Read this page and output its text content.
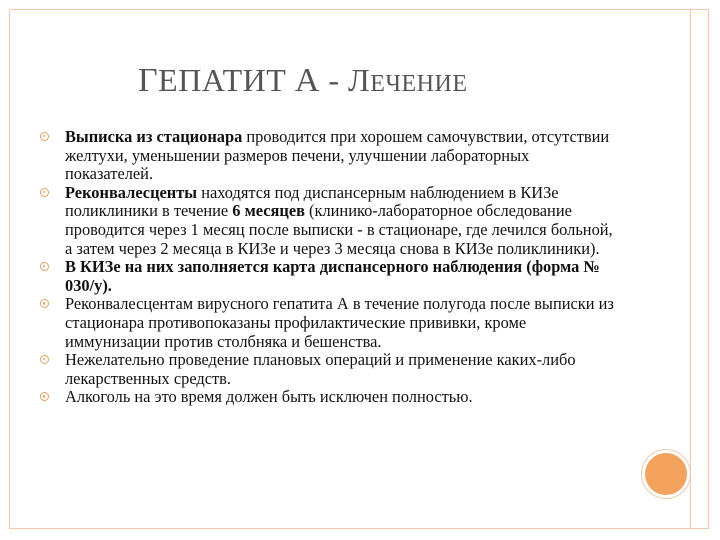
ГЕПАТИТ А - ЛЕЧЕНИЕ
Выписка из стационара проводится при хорошем самочувствии, отсутствии желтухи, уменьшении размеров печени, улучшении лабораторных показателей.
Реконвалесценты находятся под диспансерным наблюдением в КИЗе поликлиники в течение 6 месяцев (клинико-лабораторное обследование проводится через 1 месяц после выписки - в стационаре, где лечился больной, а затем через 2 месяца в КИЗе и через 3 месяца снова в КИЗе поликлиники).
В КИЗе на них заполняется карта диспансерного наблюдения (форма № 030/у).
Реконвалесцентам вирусного гепатита А в течение полугода после выписки из стационара противопоказаны профилактические прививки, кроме иммунизации против столбняка и бешенства.
Нежелательно проведение плановых операций и применение каких-либо лекарственных средств.
Алкоголь на это время должен быть исключен полностью.
